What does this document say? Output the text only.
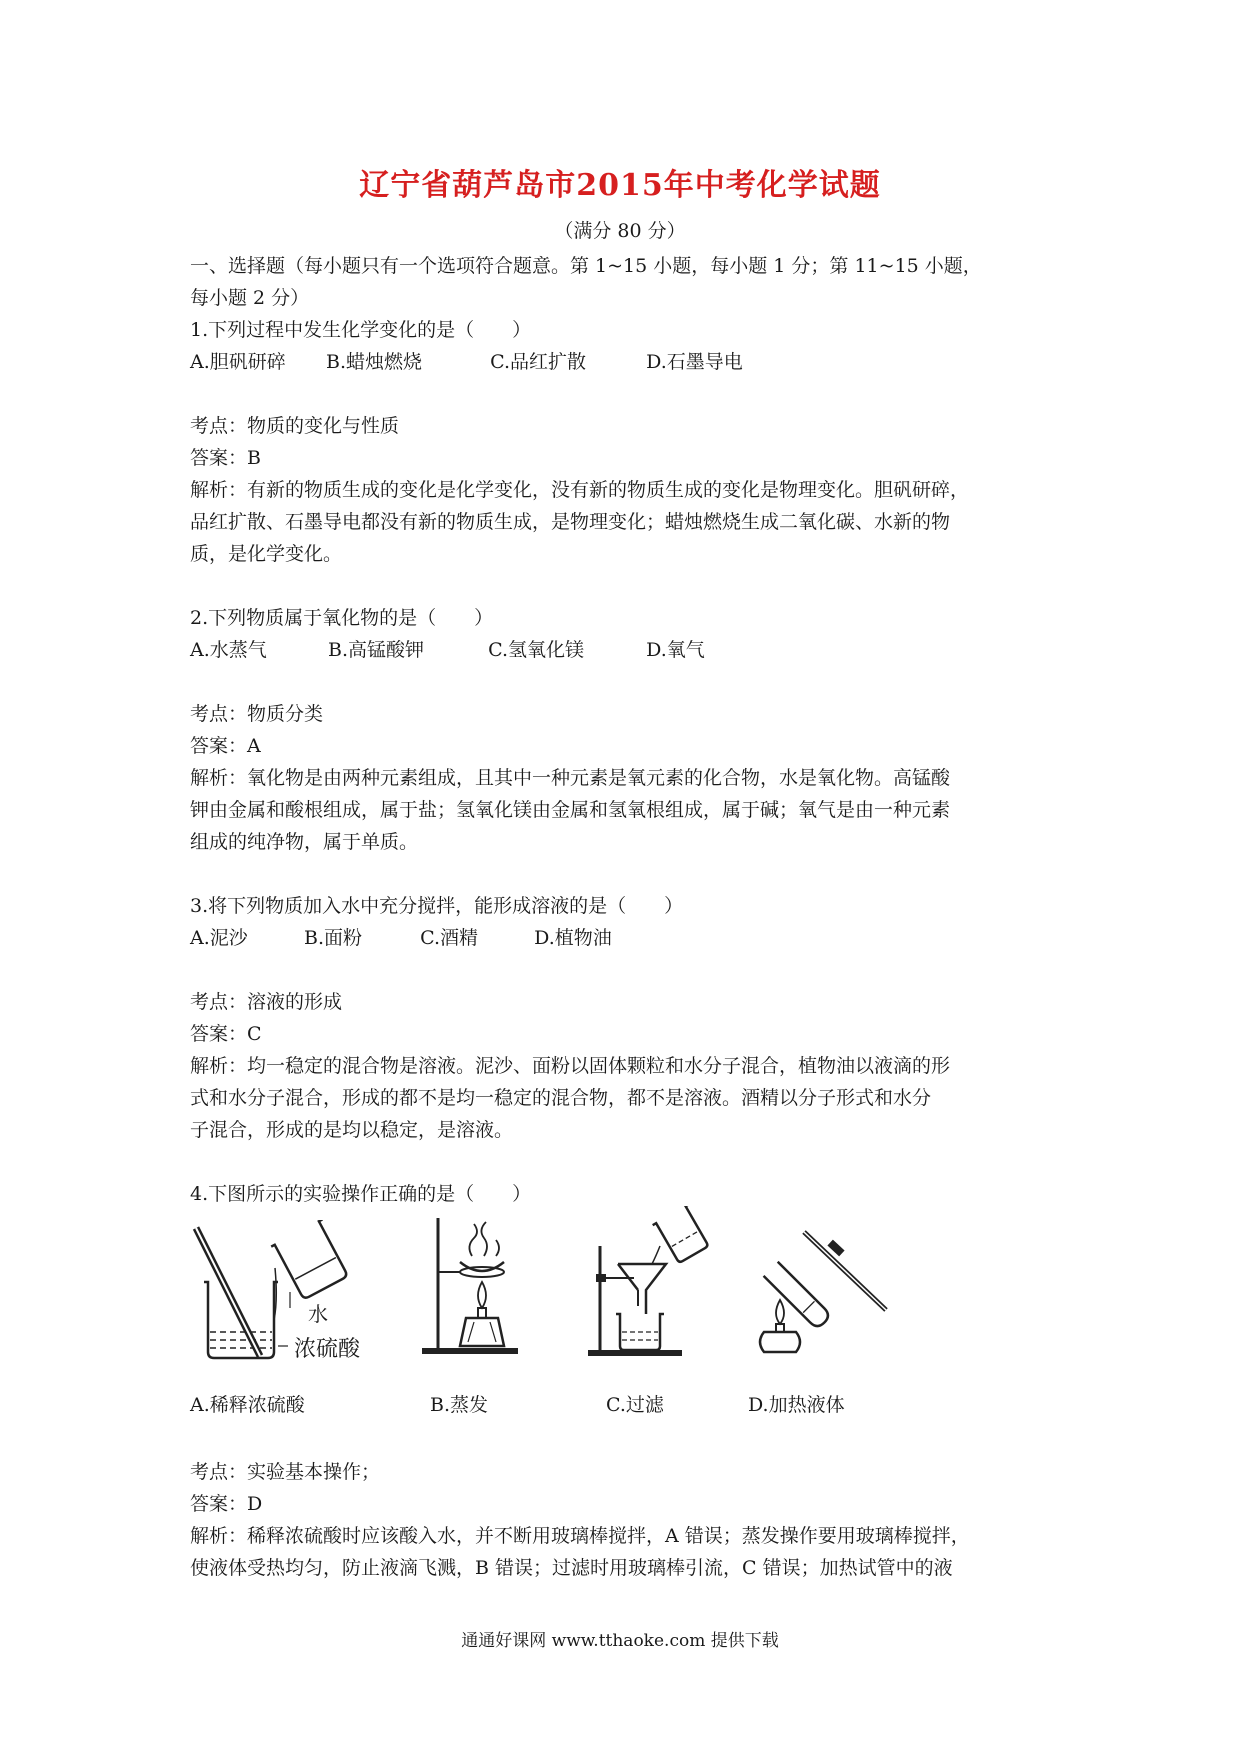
辽宁省葫芦岛市2015年中考化学试题
（满分 80 分）
一、选择题（每小题只有一个选项符合题意。第 1~15 小题，每小题 1 分；第 11~15 小题，
每小题 2 分）
1.下列过程中发生化学变化的是（　　）
A.胆矾研碎 B.蜡烛燃烧	C.品红扩散	D.石墨导电
考点：物质的变化与性质
答案：B
解析：有新的物质生成的变化是化学变化，没有新的物质生成的变化是物理变化。胆矾研碎，
品红扩散、石墨导电都没有新的物质生成，是物理变化；蜡烛燃烧生成二氧化碳、水新的物
质，是化学变化。
2.下列物质属于氧化物的是（　　）
A.水蒸气	B.高锰酸钾	C.氢氧化镁	D.氧气
考点：物质分类
答案：A
解析：氧化物是由两种元素组成，且其中一种元素是氧元素的化合物，水是氧化物。高锰酸
钾由金属和酸根组成，属于盐；氢氧化镁由金属和氢氧根组成，属于碱；氧气是由一种元素
组成的纯净物，属于单质。
3.将下列物质加入水中充分搅拌，能形成溶液的是（　　）
A.泥沙	B.面粉	C.酒精	D.植物油
考点：溶液的形成
答案：C
解析：均一稳定的混合物是溶液。泥沙、面粉以固体颗粒和水分子混合，植物油以液滴的形
式和水分子混合，形成的都不是均一稳定的混合物，都不是溶液。酒精以分子形式和水分
子混合，形成的是均以稳定，是溶液。
4.下图所示的实验操作正确的是（　　）
水
浓硫酸
A.稀释浓硫酸	B.蒸发	C.过滤	D.加热液体
考点：实验基本操作；
答案：D
解析：稀释浓硫酸时应该酸入水，并不断用玻璃棒搅拌，A 错误；蒸发操作要用玻璃棒搅拌，
使液体受热均匀，防止液滴飞溅，B 错误；过滤时用玻璃棒引流，C 错误；加热试管中的液
通通好课网 www.tthaoke.com 提供下载
